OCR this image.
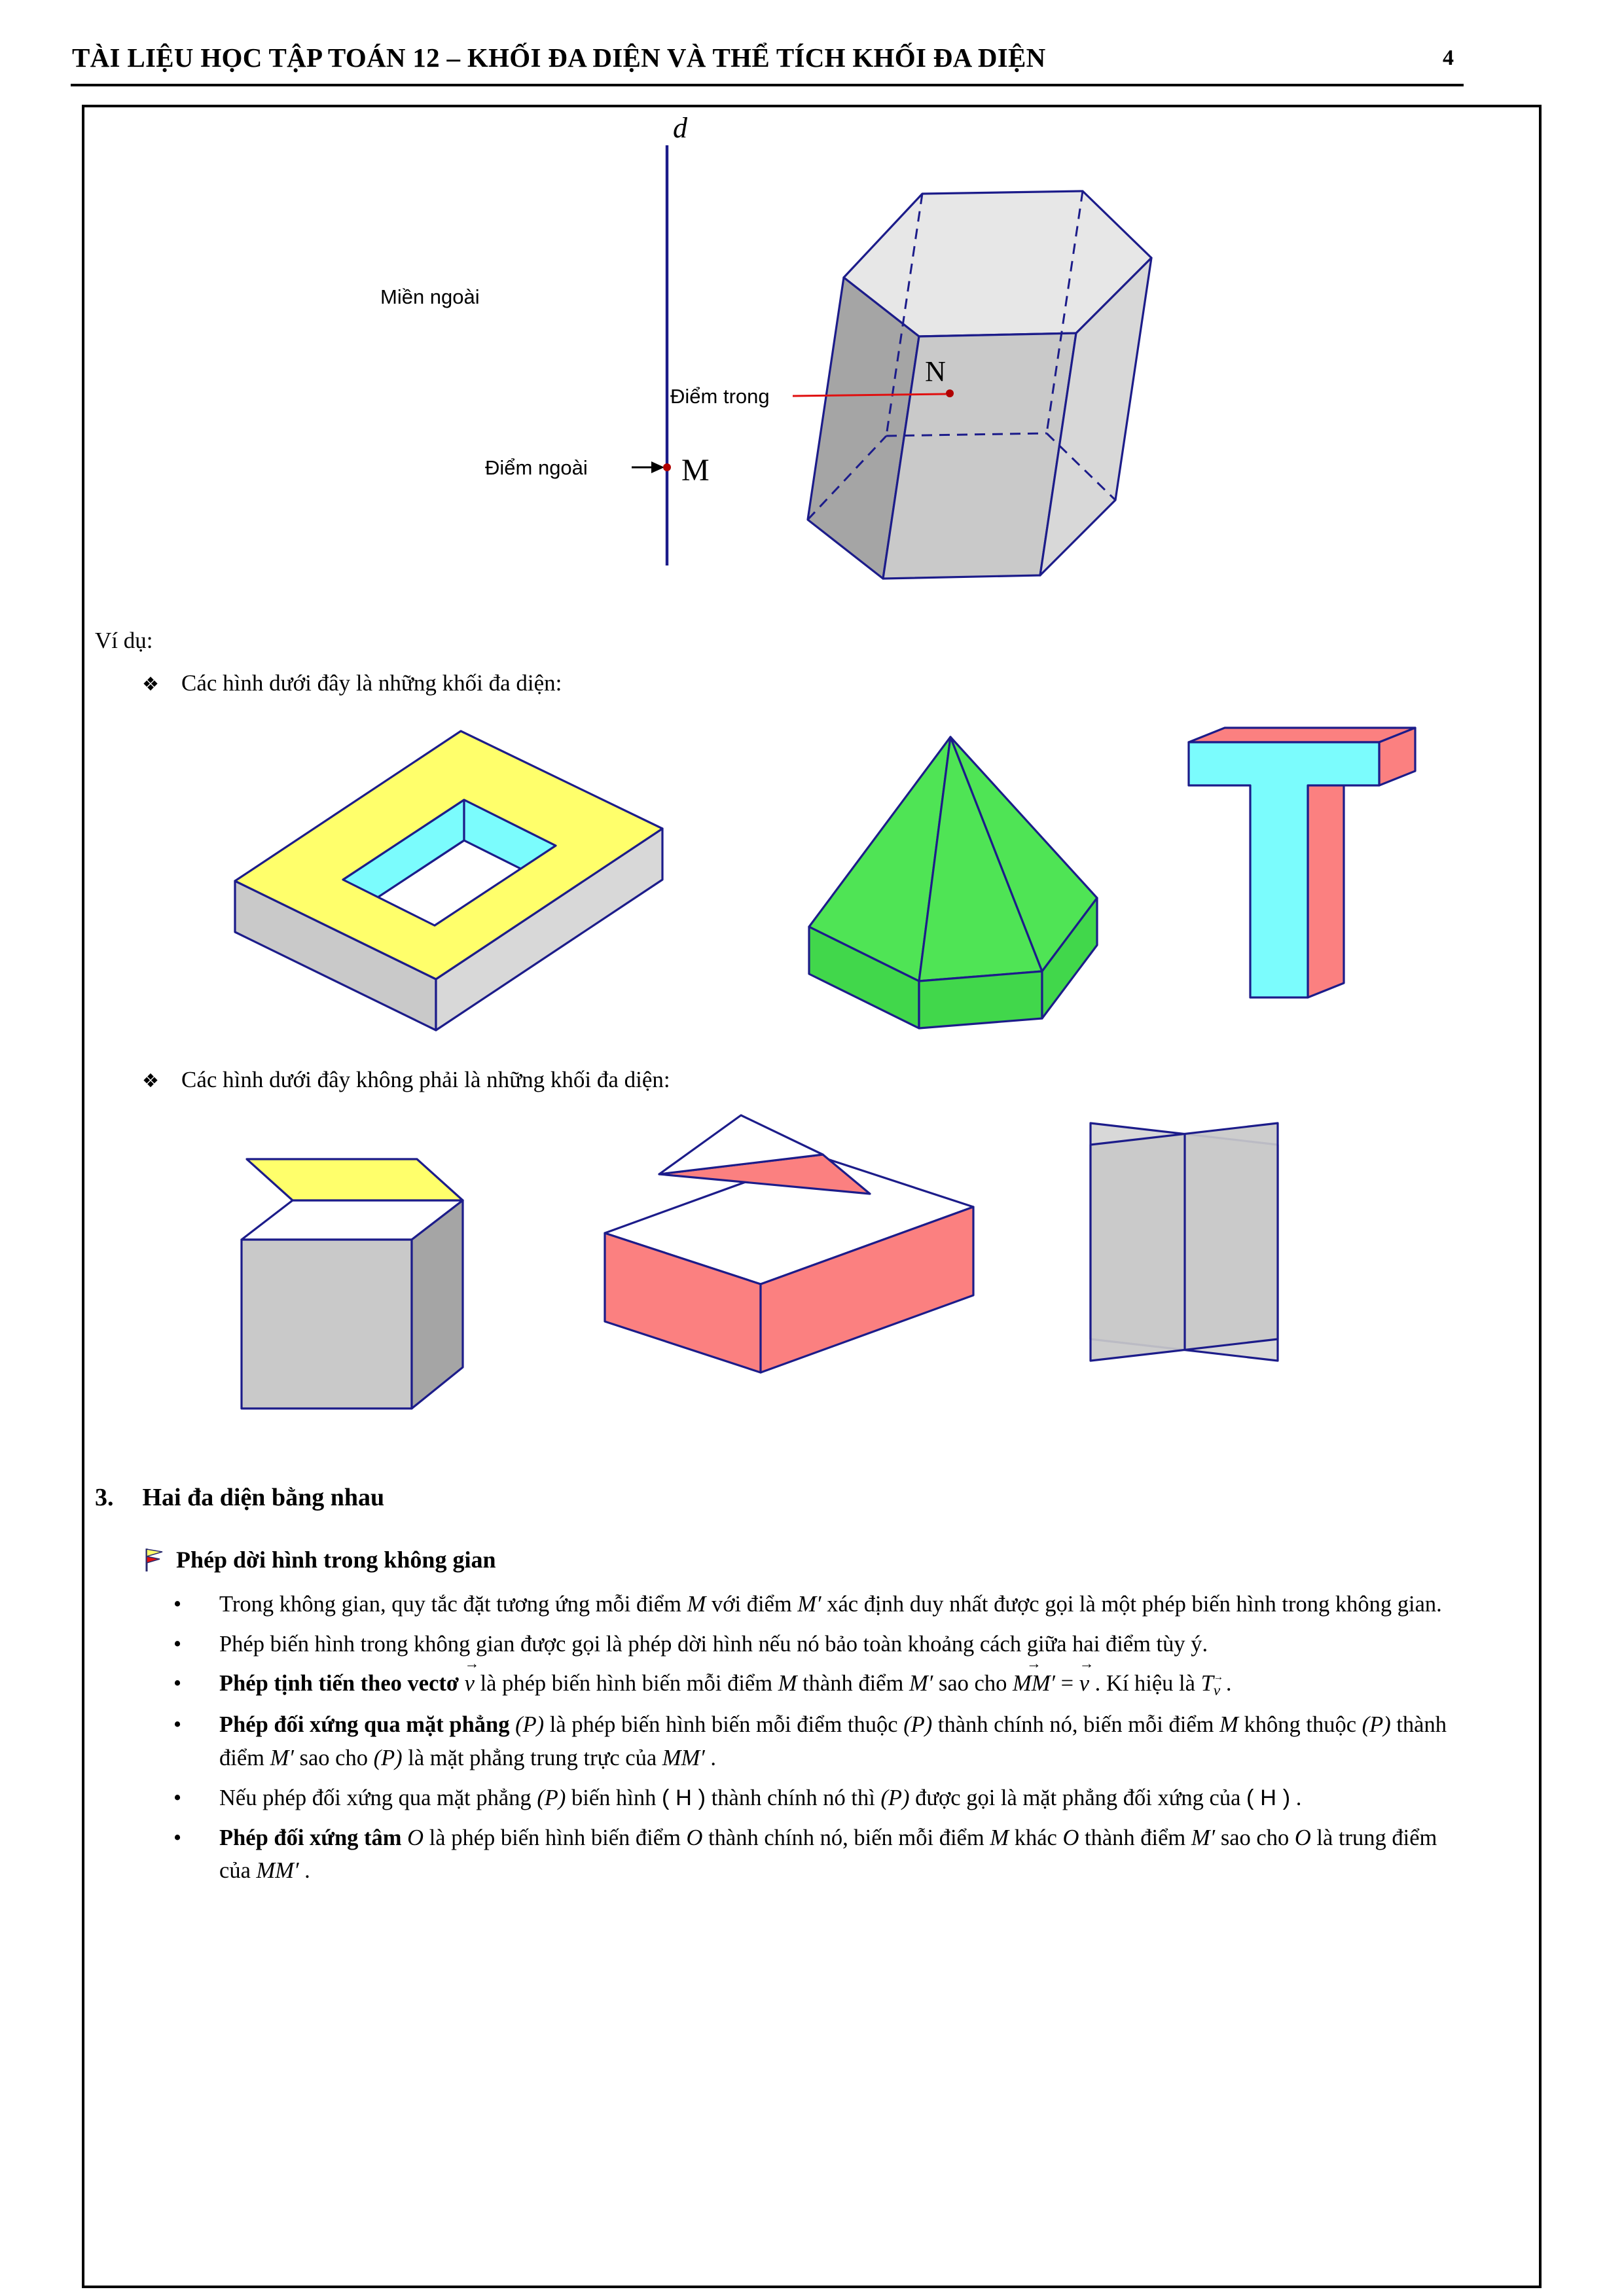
TÀI LIỆU HỌC TẬP TOÁN 12 – KHỐI ĐA DIỆN VÀ THỂ TÍCH KHỐI ĐA DIỆN	4
d
Miền ngoài
Điểm trong
N
Điểm ngoài	M
Ví dụ:
❖ Các hình dưới đây là những khối đa diện:
❖ Các hình dưới đây không phải là những khối đa diện:
3. Hai đa diện bằng nhau
Phép dời hình trong không gian
• Trong không gian, quy tắc đặt tương ứng mỗi điểm M với điểm M′ xác định duy nhất được gọi là một phép biến hình trong không gian.
• Phép biến hình trong không gian được gọi là phép dời hình nếu nó bảo toàn khoảng cách giữa hai điểm tùy ý.
• Phép tịnh tiến theo vectơ v → là phép biến hình biến mỗi điểm M thành điểm M′ sao cho MM′ → = v → . Kí hiệu là Tv → .
• Phép đối xứng qua mặt phẳng (P) là phép biến hình biến mỗi điểm thuộc (P) thành chính nó, biến mỗi điểm M không thuộc (P) thành điểm M′ sao cho (P) là mặt phẳng trung trực của MM′ .
• Nếu phép đối xứng qua mặt phẳng (P) biến hình ( H ) thành chính nó thì (P) được gọi là mặt phẳng đối xứng của ( H ) .
• Phép đối xứng tâm O là phép biến hình biến điểm O thành chính nó, biến mỗi điểm M khác O thành điểm M′ sao cho O là trung điểm của MM′ .
